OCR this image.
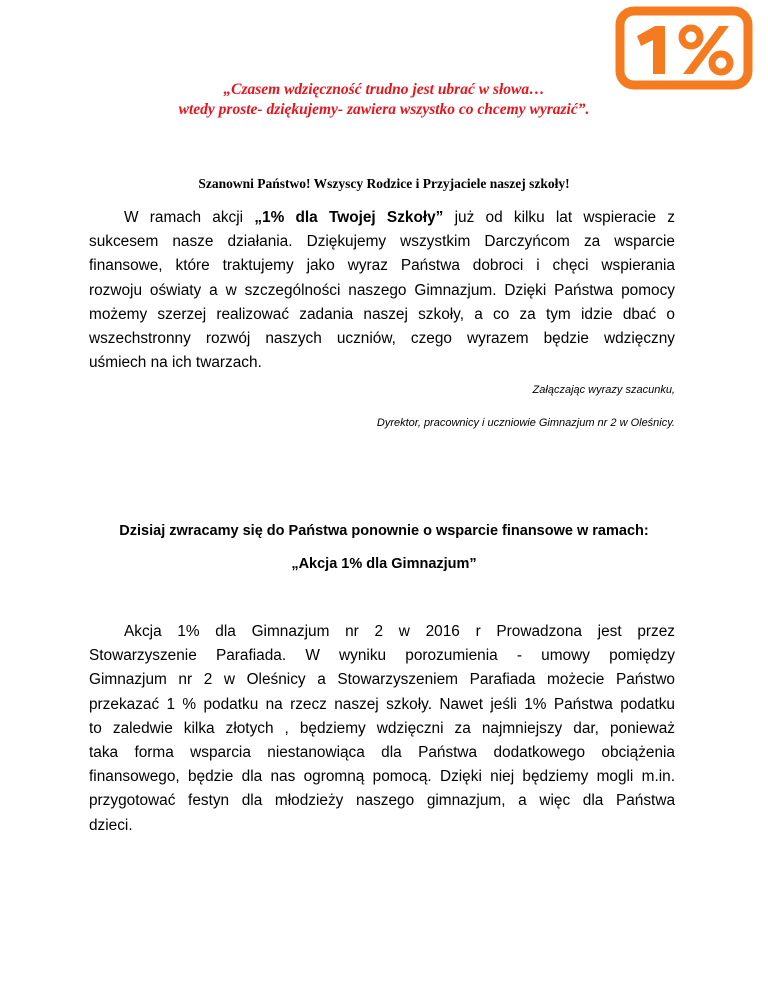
1%
„Czasem wdzięczność trudno jest ubrać w słowa…
wtedy proste- dziękujemy- zawiera wszystko co chcemy wyrazić”.
Szanowni Państwo! Wszyscy Rodzice i Przyjaciele naszej szkoły!
W ramach akcji „1% dla Twojej Szkoły” już od kilku lat wspieracie z
sukcesem nasze działania. Dziękujemy wszystkim Darczyńcom za wsparcie
finansowe, które traktujemy jako wyraz Państwa dobroci i chęci wspierania
rozwoju oświaty a w szczególności naszego Gimnazjum. Dzięki Państwa pomocy
możemy szerzej realizować zadania naszej szkoły, a co za tym idzie dbać o
wszechstronny rozwój naszych uczniów, czego wyrazem będzie wdzięczny
uśmiech na ich twarzach.
Załączając wyrazy szacunku,
Dyrektor, pracownicy i uczniowie Gimnazjum nr 2 w Oleśnicy.
Dzisiaj zwracamy się do Państwa ponownie o wsparcie finansowe w ramach:
„Akcja 1% dla Gimnazjum”
Akcja 1% dla Gimnazjum nr 2 w 2016 r Prowadzona jest przez
Stowarzyszenie Parafiada. W wyniku porozumienia - umowy pomiędzy
Gimnazjum nr 2 w Oleśnicy a Stowarzyszeniem Parafiada możecie Państwo
przekazać 1 % podatku na rzecz naszej szkoły. Nawet jeśli 1% Państwa podatku
to zaledwie kilka złotych , będziemy wdzięczni za najmniejszy dar, ponieważ
taka forma wsparcia niestanowiąca dla Państwa dodatkowego obciążenia
finansowego, będzie dla nas ogromną pomocą. Dzięki niej będziemy mogli m.in.
przygotować festyn dla młodzieży naszego gimnazjum, a więc dla Państwa
dzieci.
